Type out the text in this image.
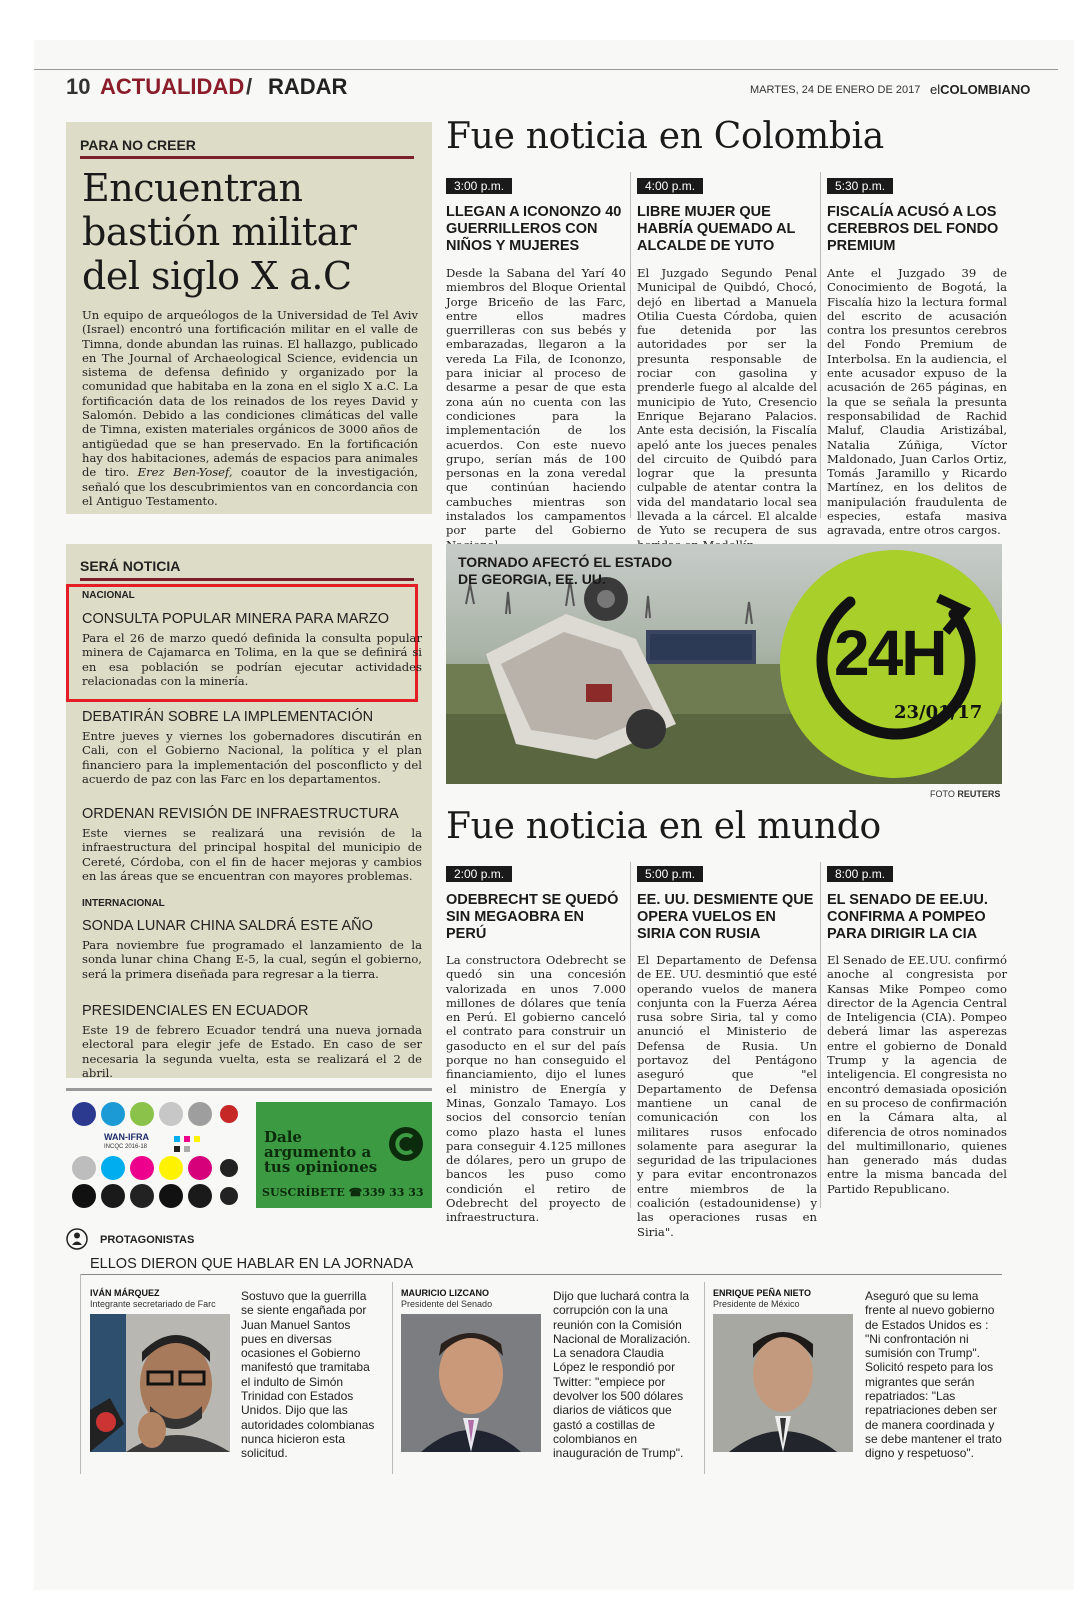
10 ACTUALIDAD / RADAR	MARTES, 24 DE ENERO DE 2017 elCOLOMBIANO
PARA NO CREER
Encuentran bastión militar del siglo X a.C
Un equipo de arqueólogos de la Universidad de Tel Aviv (Israel) encontró una fortificación militar en el valle de Timna, donde abundan las ruinas. El hallazgo, publicado en The Journal of Archaeological Science, evidencia un sistema de defensa definido y organizado por la comunidad que habitaba en la zona en el siglo X a.C. La fortificación data de los reinados de los reyes David y Salomón. Debido a las condiciones climáticas del valle de Timna, existen materiales orgánicos de 3000 años de antigüedad que se han preservado. En la fortificación hay dos habitaciones, además de espacios para animales de tiro. Erez Ben-Yosef, coautor de la investigación, señaló que los descubrimientos van en concordancia con el Antiguo Testamento.
Fue noticia en Colombia
3:00 p.m.
LLEGAN A ICONONZO 40 GUERRILLEROS CON NIÑOS Y MUJERES
Desde la Sabana del Yarí 40 miembros del Bloque Oriental Jorge Briceño de las Farc, entre ellos madres guerrilleras con sus bebés y embarazadas, llegaron a la vereda La Fila, de Icononzo, para iniciar al proceso de desarme a pesar de que esta zona aún no cuenta con las condiciones para la implementación de los acuerdos. Con este nuevo grupo, serían más de 100 personas en la zona veredal que continúan haciendo cambuches mientras son instalados los campamentos por parte del Gobierno
4:00 p.m.
LIBRE MUJER QUE HABRÍA QUEMADO AL ALCALDE DE YUTO
El Juzgado Segundo Penal Municipal de Quibdó, Chocó, dejó en libertad a Manuela Otilia Cuesta Córdoba, quien fue detenida por las autoridades por ser la presunta responsable de rociar con gasolina y prenderle fuego al alcalde del municipio de Yuto, Cresencio Enrique Bejarano Palacios. Ante esta decisión, la Fiscalía apeló ante los jueces penales del circuito de Quibdó para lograr que la presunta culpable de atentar contra la vida del mandatario local sea llevada a la cárcel. El alcalde de Yuto se recupera de sus
5:30 p.m.
FISCALÍA ACUSÓ A LOS CEREBROS DEL FONDO PREMIUM
Ante el Juzgado 39 de Conocimiento de Bogotá, la Fiscalía hizo la lectura formal del escrito de acusación contra los presuntos cerebros del Fondo Premium de Interbolsa. En la audiencia, el ente acusador expuso de la acusación de 265 páginas, en la que se señala la presunta responsabilidad de Rachid Maluf, Claudia Aristizábal, Natalia Zúñiga, Víctor Maldonado, Juan Carlos Ortiz, Tomás Jaramillo y Ricardo Martínez, en los delitos de manipulación fraudulenta de especies, estafa masiva agravada, entre otros cargos.
SERÁ NOTICIA
NACIONAL
CONSULTA POPULAR MINERA PARA MARZO
Para el 26 de marzo quedó definida la consulta popular minera de Cajamarca en Tolima, en la que se definirá si en esa población se podrían ejecutar actividades relacionadas con la minería.
DEBATIRÁN SOBRE LA IMPLEMENTACIÓN
Entre jueves y viernes los gobernadores discutirán en Cali, con el Gobierno Nacional, la política y el plan financiero para la implementación del posconflicto y del acuerdo de paz con las Farc en los departamentos.
ORDENAN REVISIÓN DE INFRAESTRUCTURA
Este viernes se realizará una revisión de la infraestructura del principal hospital del municipio de Cereté, Córdoba, con el fin de hacer mejoras y cambios en las áreas que se encuentran con mayores problemas.
INTERNACIONAL
SONDA LUNAR CHINA SALDRÁ ESTE AÑO
Para noviembre fue programado el lanzamiento de la sonda lunar china Chang E-5, la cual, según el gobierno, será la primera diseñada para regresar a la tierra.
PRESIDENCIALES EN ECUADOR
Este 19 de febrero Ecuador tendrá una nueva jornada electoral para elegir jefe de Estado. En caso de ser necesaria la segunda vuelta, esta se realizará el 2 de abril.
TORNADO AFECTÓ EL ESTADO DE GEORGIA, EE. UU.
24H
23/01/17
FOTO REUTERS
Fue noticia en el mundo
2:00 p.m.
ODEBRECHT SE QUEDÓ SIN MEGAOBRA EN PERÚ
La constructora Odebrecht se quedó sin una concesión valorizada en unos 7.000 millones de dólares que tenía en Perú. El gobierno canceló el contrato para construir un gasoducto en el sur del país porque no han conseguido el financiamiento, dijo el lunes el ministro de Energía y Minas, Gonzalo Tamayo. Los socios del consorcio tenían como plazo hasta el lunes para conseguir 4.125 millones de dólares, pero un grupo de bancos les puso como condición el retiro de Odebrecht del proyecto de infraestructura.
5:00 p.m.
EE. UU. DESMIENTE QUE OPERA VUELOS EN SIRIA CON RUSIA
El Departamento de Defensa de EE. UU. desmintió que esté operando vuelos de manera conjunta con la Fuerza Aérea rusa sobre Siria, tal y como anunció el Ministerio de Defensa de Rusia. Un portavoz del Pentágono aseguró que "el Departamento de Defensa mantiene un canal de comunicación con los militares rusos enfocado solamente para asegurar la seguridad de las tripulaciones y para evitar encontronazos entre miembros de la coalición (estadounidense) y las operaciones rusas en Siria".
8:00 p.m.
EL SENADO DE EE.UU. CONFIRMA A POMPEO PARA DIRIGIR LA CIA
El Senado de EE.UU. confirmó anoche al congresista por Kansas Mike Pompeo como director de la Agencia Central de Inteligencia (CIA). Pompeo deberá limar las asperezas entre el gobierno de Donald Trump y la agencia de inteligencia. El congresista no encontró demasiada oposición en su proceso de confirmación en la Cámara alta, al diferencia de otros nominados del multimillonario, quienes han generado más dudas entre la misma bancada del Partido Republicano.
WAN-IFRA
INCQC 2016-18
Dale argumento a tus opiniones
SUSCRÍBETE ☎339 33 33
PROTAGONISTAS
ELLOS DIERON QUE HABLAR EN LA JORNADA
IVÁN MÁRQUEZ
Integrante secretariado de Farc
Sostuvo que la guerrilla se siente engañada por Juan Manuel Santos pues en diversas ocasiones el Gobierno manifestó que tramitaba el indulto de Simón Trinidad con Estados Unidos. Dijo que las autoridades colombianas nunca hicieron esta solicitud.
MAURICIO LIZCANO
Presidente del Senado
Dijo que luchará contra la corrupción con la una reunión con la Comisión Nacional de Moralización. La senadora Claudia López le respondió por Twitter: "empiece por devolver los 500 dólares diarios de viáticos que gastó a costillas de colombianos en inauguración de Trump".
ENRIQUE PEÑA NIETO
Presidente de México
Aseguró que su lema frente al nuevo gobierno de Estados Unidos es : "Ni confrontación ni sumisión con Trump". Solicitó respeto para los migrantes que serán repatriados: "Las repatriaciones deben ser de manera coordinada y se debe mantener el trato digno y respetuoso".
